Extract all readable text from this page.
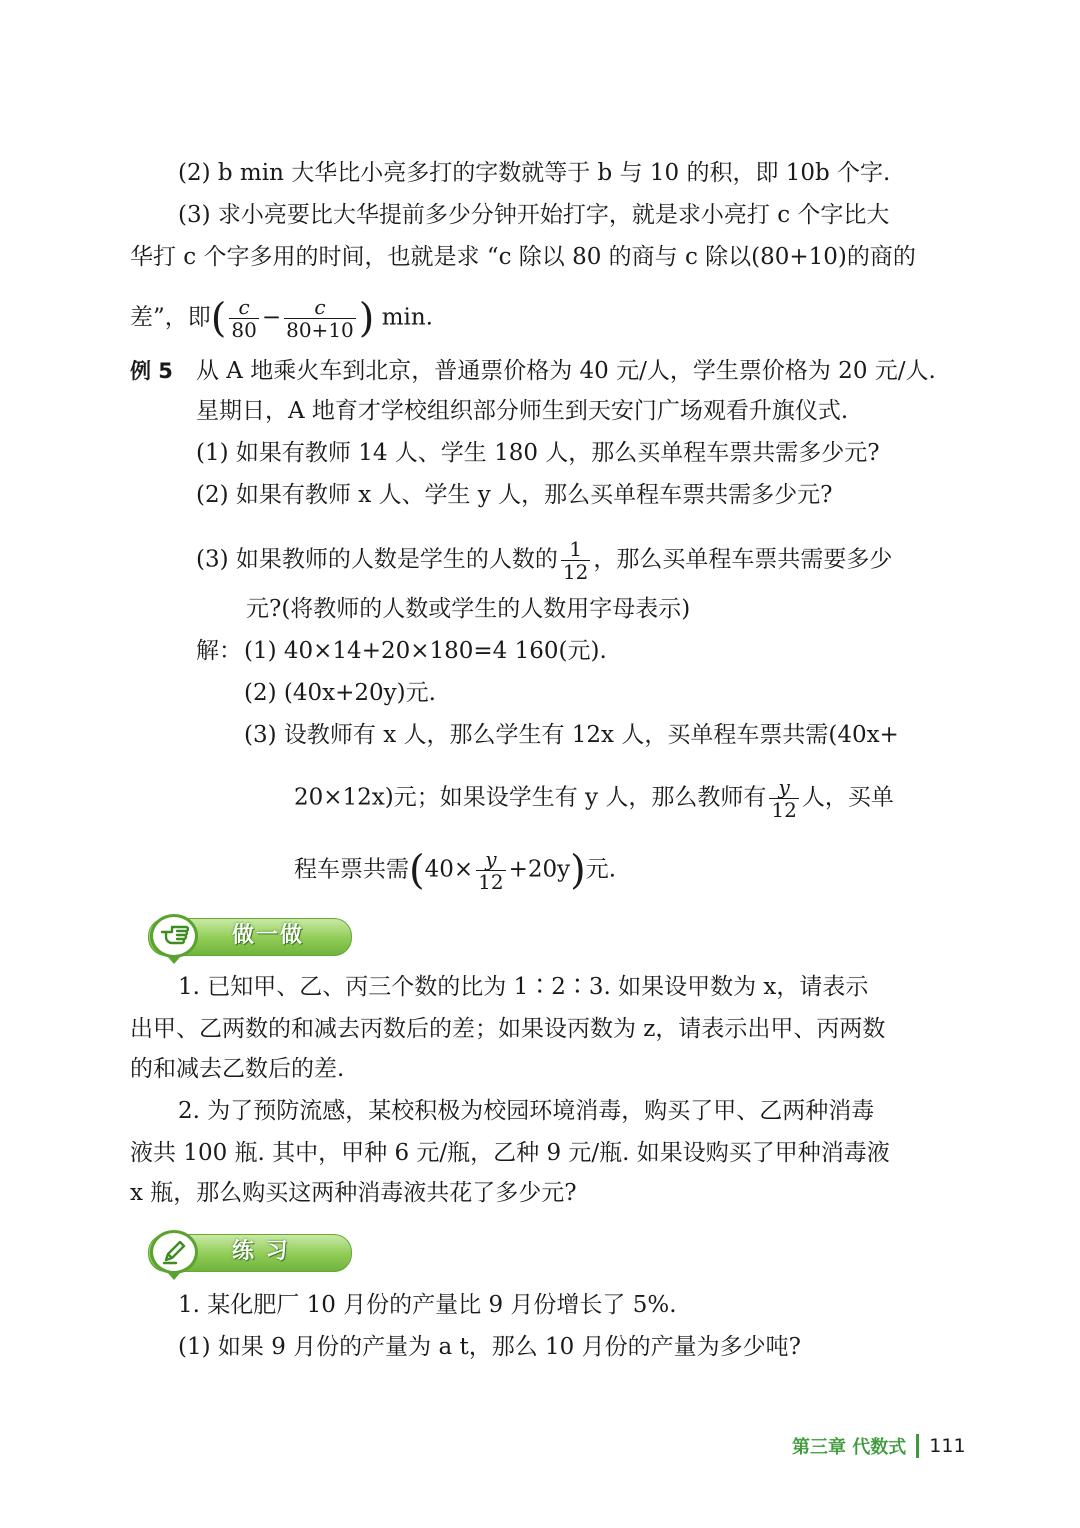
(2) b min 大华比小亮多打的字数就等于 b 与 10 的积，即 10b 个字.
(3) 求小亮要比大华提前多少分钟开始打字，就是求小亮打 c 个字比大
华打 c 个字多用的时间，也就是求 “c 除以 80 的商与 c 除以(80+10)的商的
差”，即( $\frac{c}{80} - \frac{c}{80+10}$ ) min.
例 5 从 A 地乘火车到北京，普通票价格为 40 元/人，学生票价格为 20 元/人.
星期日，A 地育才学校组织部分师生到天安门广场观看升旗仪式.
(1) 如果有教师 14 人、学生 180 人，那么买单程车票共需多少元?
(2) 如果有教师 x 人、学生 y 人，那么买单程车票共需多少元?
(3) 如果教师的人数是学生的人数的 $\frac{1}{12}$ ，那么买单程车票共需要多少
元?(将教师的人数或学生的人数用字母表示)
解： (1) 40×14+20×180=4 160(元).
(2) (40x+20y)元.
(3) 设教师有 x 人，那么学生有 12x 人，买单程车票共需(40x+
20×12x)元；如果设学生有 y 人，那么教师有 $\frac{y}{12}$ 人，买单
程车票共需$(40\times \frac{y}{12} +20y)$元.
做一做
1. 已知甲、乙、丙三个数的比为 1∶2∶3. 如果设甲数为 x，请表示
出甲、乙两数的和减去丙数后的差；如果设丙数为 z，请表示出甲、丙两数
的和减去乙数后的差.
2. 为了预防流感，某校积极为校园环境消毒，购买了甲、乙两种消毒
液共 100 瓶. 其中，甲种 6 元/瓶，乙种 9 元/瓶. 如果设购买了甲种消毒液
x 瓶，那么购买这两种消毒液共花了多少元?
练 习
1. 某化肥厂 10 月份的产量比 9 月份增长了 5%.
(1) 如果 9 月份的产量为 a t，那么 10 月份的产量为多少吨?
第三章 代数式 111
